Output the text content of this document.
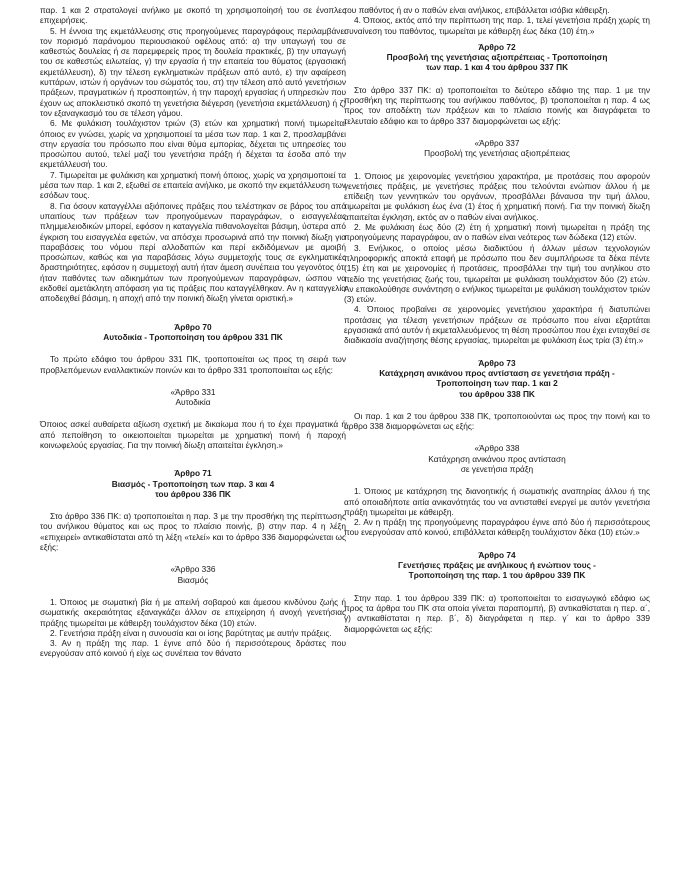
παρ. 1 και 2 στρατολογεί ανήλικο με σκοπό τη χρησιμοποίησή του σε ένοπλες επιχειρήσεις.

5. Η έννοια της εκμετάλλευσης στις προηγούμενες παραγράφους περιλαμβάνει τον πορισμό παράνομου περιουσιακού οφέλους από: α) την υπαγωγή του σε καθεστώς δουλείας ή σε παρεμφερείς προς τη δουλεία πρακτικές, β) την υπαγωγή του σε καθεστώς ειλωτείας, γ) την εργασία ή την επαιτεία του θύματος (εργασιακή εκμετάλλευση), δ) την τέλεση εγκληματικών πράξεων από αυτό, ε) την αφαίρεση κυττάρων, ιστών ή οργάνων του σώματός του, στ) την τέλεση από αυτό γενετήσιων πράξεων, πραγματικών ή προσποιητών, ή την παροχή εργασίας ή υπηρεσιών που έχουν ως αποκλειστικό σκοπό τη γενετήσια διέγερση (γενετήσια εκμετάλλευση) ή ζ) τον εξαναγκασμό του σε τέλεση γάμου.

6. Με φυλάκιση τουλάχιστον τριών (3) ετών και χρηματική ποινή τιμωρείται όποιος εν γνώσει, χωρίς να χρησιμοποιεί τα μέσα των παρ. 1 και 2, προσλαμβάνει στην εργασία του πρόσωπο που είναι θύμα εμπορίας, δέχεται τις υπηρεσίες του προσώπου αυτού, τελεί μαζί του γενετήσια πράξη ή δέχεται τα έσοδα από την εκμετάλλευσή του.

7. Τιμωρείται με φυλάκιση και χρηματική ποινή όποιος, χωρίς να χρησιμοποιεί τα μέσα των παρ. 1 και 2, εξωθεί σε επαιτεία ανήλικο, με σκοπό την εκμετάλλευση των εσόδων τους.

8. Για όσουν καταγγέλλει αξιόποινες πράξεις που τελέστηκαν σε βάρος του από υπαιτίους των πράξεων των προηγούμενων παραγράφων, ο εισαγγελέας πλημμελειοδικών μπορεί, εφόσον η καταγγελία πιθανολογείται βάσιμη, ύστερα από έγκριση του εισαγγελέα εφετών, να απόσχει προσωρινά από την ποινική δίωξη για παραβάσεις του νόμου περί αλλοδαπών και περί εκδιδόμενων με αμοιβή προσώπων, καθώς και για παραβάσεις λόγω συμμετοχής τους σε εγκληματικές δραστηριότητες, εφόσον η συμμετοχή αυτή ήταν άμεση συνέπεια του γεγονότος ότι ήταν παθόντες των αδικημάτων των προηγούμενων παραγράφων, ώσπου να εκδοθεί αμετάκλητη απόφαση για τις πράξεις που καταγγέλθηκαν. Αν η καταγγελία αποδειχθεί βάσιμη, η αποχή από την ποινική δίωξη γίνεται οριστική.»

Άρθρο 70

Αυτοδικία - Τροποποίηση του άρθρου 331 ΠΚ

Το πρώτο εδάφιο του άρθρου 331 ΠΚ, τροποποιείται ως προς τη σειρά των προβλεπόμενων εναλλακτικών ποινών και το άρθρο 331 τροποποιείται ως εξής:

«Άρθρο 331

Αυτοδικία

Όποιος ασκεί αυθαίρετα αξίωση σχετική με δικαίωμα που ή το έχει πραγματικά ή από πεποίθηση το οικειοποιείται τιμωρείται με χρηματική ποινή ή παροχή κοινωφελούς εργασίας. Για την ποινική δίωξη απαιτείται έγκληση.»

Άρθρο 71

Βιασμός - Τροποποίηση των παρ. 3 και 4

του άρθρου 336 ΠΚ

Στο άρθρο 336 ΠΚ: α) τροποποιείται η παρ. 3 με την προσθήκη της περίπτωσης του ανήλικου θύματος και ως προς το πλαίσιο ποινής, β) στην παρ. 4 η λέξη «επιχειρεί» αντικαθίσταται από τη λέξη «τελεί» και το άρθρο 336 διαμορφώνεται ως εξής:

«Άρθρο 336

Βιασμός

1. Όποιος με σωματική βία ή με απειλή σοβαρού και άμεσου κινδύνου ζωής ή σωματικής ακεραιότητας εξαναγκάζει άλλον σε επιχείρηση ή ανοχή γενετήσιας πράξης τιμωρείται με κάθειρξη τουλάχιστον δέκα (10) ετών.

2. Γενετήσια πράξη είναι η συνουσία και οι ίσης βαρύτητας με αυτήν πράξεις.

3. Αν η πράξη της παρ. 1 έγινε από δύο ή περισσότερους δράστες που ενεργούσαν από κοινού ή είχε ως συνέπεια τον θάνατο

του παθόντος ή αν ο παθών είναι ανήλικος, επιβάλλεται ισόβια κάθειρξη.

4. Όποιος, εκτός από την περίπτωση της παρ. 1, τελεί γενετήσια πράξη χωρίς τη συναίνεση του παθόντος, τιμωρείται με κάθειρξη έως δέκα (10) έτη.»

Άρθρο 72

Προσβολή της γενετήσιας αξιοπρέπειας - Τροποποίηση

των παρ. 1 και 4 του άρθρου 337 ΠΚ

Στο άρθρο 337 ΠΚ: α) τροποποιείται το δεύτερο εδάφιο της παρ. 1 με την προσθήκη της περίπτωσης του ανήλικου παθόντος, β) τροποποιείται η παρ. 4 ως προς τον αποδέκτη των πράξεων και το πλαίσιο ποινής και διαγράφεται το τελευταίο εδάφιο και το άρθρο 337 διαμορφώνεται ως εξής:

«Άρθρο 337

Προσβολή της γενετήσιας αξιοπρέπειας

1. Όποιος με χειρονομίες γενετήσιου χαρακτήρα, με προτάσεις που αφορούν γενετήσιες πράξεις, με γενετήσιες πράξεις που τελούνται ενώπιον άλλου ή με επίδειξη των γεννητικών του οργάνων, προσβάλλει βάναυσα την τιμή άλλου, τιμωρείται με φυλάκιση έως ένα (1) έτος ή χρηματική ποινή. Για την ποινική δίωξη απαιτείται έγκληση, εκτός αν ο παθών είναι ανήλικος.

2. Με φυλάκιση έως δύο (2) έτη ή χρηματική ποινή τιμωρείται η πράξη της προηγούμενης παραγράφου, αν ο παθών είναι νεότερος των δώδεκα (12) ετών.

3. Ενήλικος, ο οποίος μέσω διαδικτύου ή άλλων μέσων τεχνολογιών πληροφορικής αποκτά επαφή με πρόσωπο που δεν συμπλήρωσε τα δέκα πέντε (15) έτη και με χειρονομίες ή προτάσεις, προσβάλλει την τιμή του ανηλίκου στο πεδίο της γενετήσιας ζωής του, τιμωρείται με φυλάκιση τουλάχιστον δύο (2) ετών. Αν επακολούθησε συνάντηση ο ενήλικος τιμωρείται με φυλάκιση τουλάχιστον τριών (3) ετών.

4. Όποιος προβαίνει σε χειρονομίες γενετήσιου χαρακτήρα ή διατυπώνει προτάσεις για τέλεση γενετήσιων πράξεων σε πρόσωπο που είναι εξαρτάται εργασιακά από αυτόν ή εκμεταλλευόμενος τη θέση προσώπου που έχει ενταχθεί σε διαδικασία αναζήτησης θέσης εργασίας, τιμωρείται με φυλάκιση έως τρία (3) έτη.»

Άρθρο 73

Κατάχρηση ανικάνου προς αντίσταση σε γενετήσια πράξη -

Τροποποίηση των παρ. 1 και 2

του άρθρου 338 ΠΚ

Οι παρ. 1 και 2 του άρθρου 338 ΠΚ, τροποποιούνται ως προς την ποινή και το άρθρο 338 διαμορφώνεται ως εξής:

«Άρθρο 338

Κατάχρηση ανικάνου προς αντίσταση

σε γενετήσια πράξη

1. Όποιος με κατάχρηση της διανοητικής ή σωματικής αναπηρίας άλλου ή της από οποιαδήποτε αιτία ανικανότητάς του να αντισταθεί ενεργεί με αυτόν γενετήσια πράξη τιμωρείται με κάθειρξη.

2. Αν η πράξη της προηγούμενης παραγράφου έγινε από δύο ή περισσότερους που ενεργούσαν από κοινού, επιβάλλεται κάθειρξη τουλάχιστον δέκα (10) ετών.»

Άρθρο 74

Γενετήσιες πράξεις με ανήλικους ή ενώπιον τους -

Τροποποίηση της παρ. 1 του άρθρου 339 ΠΚ

Στην παρ. 1 του άρθρου 339 ΠΚ: α) τροποποιείται το εισαγωγικό εδάφιο ως προς τα άρθρα του ΠΚ στα οποία γίνεται παραπομπή, β) αντικαθίσταται η περ. α΄, γ) αντικαθίσταται η περ. β΄, δ) διαγράφεται η περ. γ΄ και το άρθρο 339 διαμορφώνεται ως εξής:
